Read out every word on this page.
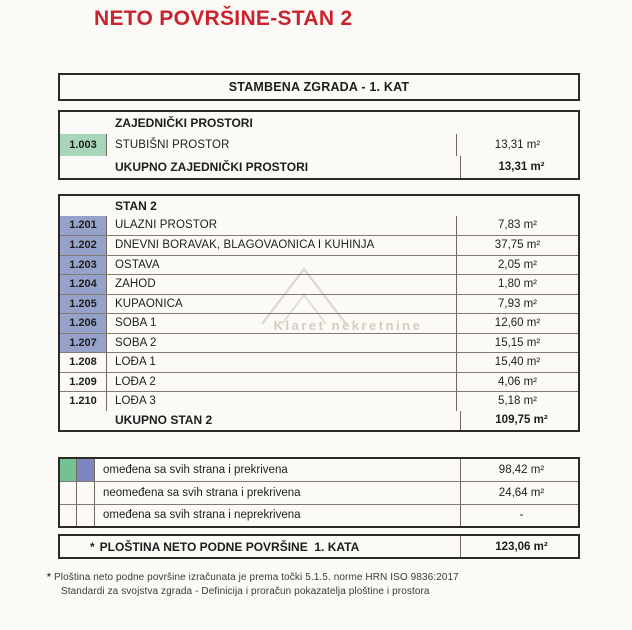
Klaret nekretnine
NETO POVRŠINE-STAN 2
STAMBENA ZGRADA - 1. KAT
ZAJEDNIČKI PROSTORI
1.003	STUBIŠNI PROSTOR	13,31 m²
UKUPNO ZAJEDNIČKI PROSTORI	13,31 m²
STAN 2
1.201	ULAZNI PROSTOR	7,83 m²
1.202	DNEVNI BORAVAK, BLAGOVAONICA I KUHINJA	37,75 m²
1.203	OSTAVA	2,05 m²
1.204	ZAHOD	1,80 m²
1.205	KUPAONICA	7,93 m²
1.206	SOBA 1	12,60 m²
1.207	SOBA 2	15,15 m²
1.208	LOĐA 1	15,40 m²
1.209	LOĐA 2	4,06 m²
1.210	LOĐA 3	5,18 m²
UKUPNO STAN 2	109,75 m²
omeđena sa svih strana i prekrivena	98,42 m²
neomeđena sa svih strana i prekrivena	24,64 m²
omeđena sa svih strana i neprekrivena	-
* PLOŠTINA NETO PODNE POVRŠINE  1. KATA	123,06 m²
* Ploština neto podne površine izračunata je prema točki 5.1.5. norme HRN ISO 9836:2017
Standardi za svojstva zgrada - Definicija i proračun pokazatelja ploštine i prostora
